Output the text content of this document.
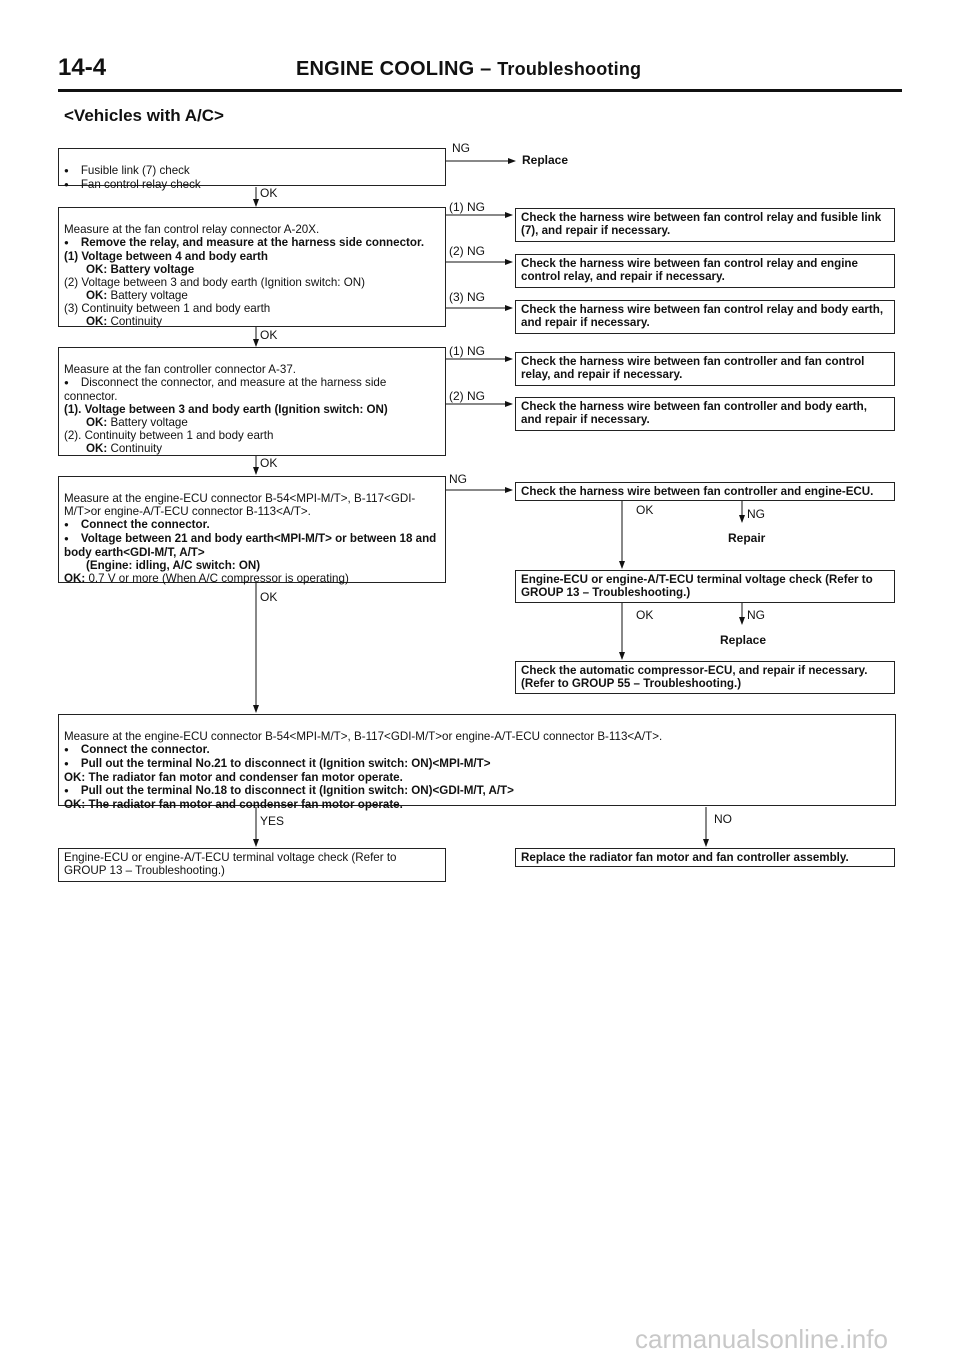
14-4	ENGINE COOLING – Troubleshooting
<Vehicles with A/C>

● Fusible link (7) check
● Fan control relay check
NG
Replace
OK

Measure at the fan control relay connector A-20X.
● Remove the relay, and measure at the harness side connector.
(1) Voltage between 4 and body earth

OK: Battery voltage
(2) Voltage between 3 and body earth (Ignition switch: ON)

OK: Battery voltage
(3) Continuity between 1 and body earth

OK: Continuity
(1) NG
(2) NG
(3) NG
Check the harness wire between fan control relay and fusible link (7), and repair if necessary.
Check the harness wire between fan control relay and engine control relay, and repair if necessary.
Check the harness wire between fan control relay and body earth, and repair if necessary.
OK

Measure at the fan controller connector A-37.
● Disconnect the connector, and measure at the harness side connector.
(1). Voltage between 3 and body earth (Ignition switch: ON)

OK: Battery voltage
(2). Continuity between 1 and body earth

OK: Continuity
(1) NG
(2) NG
Check the harness wire between fan controller and fan control relay, and repair if necessary.
Check the harness wire between fan controller and body earth, and repair if necessary.
OK

Measure at the engine-ECU connector B-54<MPI-M/T>, B-117<GDI-M/T>or engine-A/T-ECU connector B-113<A/T>.
● Connect the connector.
● Voltage between 21 and body earth<MPI-M/T> or between 18 and body earth<GDI-M/T, A/T>

(Engine: idling, A/C switch: ON)
OK: 0.7 V or more (When A/C compressor is operating)
NG
Check the harness wire between fan controller and engine-ECU.
OK	NG
Repair
Engine-ECU or engine-A/T-ECU terminal voltage check (Refer to GROUP 13 – Troubleshooting.)
OK	NG
Replace
Check the automatic compressor-ECU, and repair if necessary. (Refer to GROUP 55 – Troubleshooting.)
OK

Measure at the engine-ECU connector B-54<MPI-M/T>, B-117<GDI-M/T>or engine-A/T-ECU connector B-113<A/T>.
● Connect the connector.
● Pull out the terminal No.21 to disconnect it (Ignition switch: ON)<MPI-M/T>
OK: The radiator fan motor and condenser fan motor operate.
● Pull out the terminal No.18 to disconnect it (Ignition switch: ON)<GDI-M/T, A/T>
OK: The radiator fan motor and condenser fan motor operate.
YES	NO
Engine-ECU or engine-A/T-ECU terminal voltage check (Refer to GROUP 13 – Troubleshooting.)
Replace the radiator fan motor and fan controller assembly.
carmanualsonline.info
